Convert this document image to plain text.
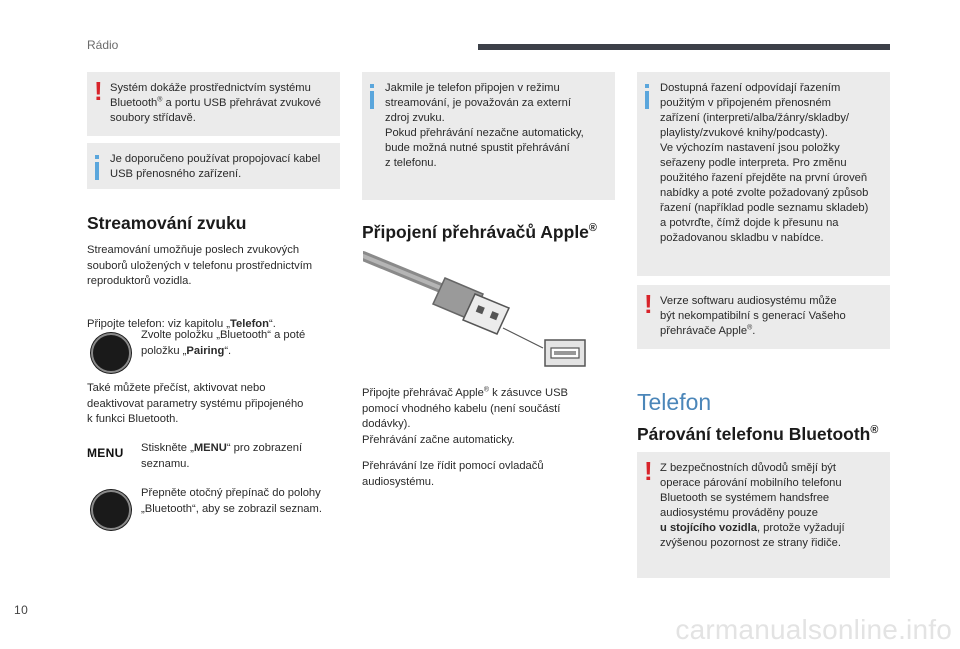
Rádio
! Systém dokáže prostřednictvím systému
Bluetooth® a portu USB přehrávat zvukové
soubory střídavě.

Je doporučeno používat propojovací kabel
USB přenosného zařízení.

Streamování zvuku
Streamování umožňuje poslech zvukových
souborů uložených v telefonu prostřednictvím
reproduktorů vozidla.

Připojte telefon: viz kapitolu „Telefon“.

Zvolte položku „Bluetooth“ a poté
položku „Pairing“.
Také můžete přečíst, aktivovat nebo
deaktivovat parametry systému připojeného
k funkci Bluetooth.
MENU Stiskněte „MENU“ pro zobrazení
seznamu.
Přepněte otočný přepínač do polohy
„Bluetooth“, aby se zobrazil seznam.

Jakmile je telefon připojen v režimu
streamování, je považován za externí
zdroj zvuku.
Pokud přehrávání nezačne automaticky,
bude možná nutné spustit přehrávání
z telefonu.

Připojení přehrávačů Apple®
Připojte přehrávač Apple® k zásuvce USB
pomocí vhodného kabelu (není součástí
dodávky).
Přehrávání začne automaticky.
Přehrávání lze řídit pomocí ovladačů
audiosystému.

Dostupná řazení odpovídají řazením
použitým v připojeném přenosném
zařízení (interpreti/alba/žánry/skladby/
playlisty/zvukové knihy/podcasty).
Ve výchozím nastavení jsou položky
seřazeny podle interpreta. Pro změnu
použitého řazení přejděte na první úroveň
nabídky a poté zvolte požadovaný způsob
řazení (například podle seznamu skladeb)
a potvrďte, čímž dojde k přesunu na
požadovanou skladbu v nabídce.

! Verze softwaru audiosystému může
být nekompatibilní s generací Vašeho
přehrávače Apple®.

Telefon
Párování telefonu Bluetooth®
! Z bezpečnostních důvodů smějí být
operace párování mobilního telefonu
Bluetooth se systémem handsfree
audiosystému prováděny pouze
u stojícího vozidla, protože vyžadují
zvýšenou pozornost ze strany řidiče.

10
carmanualsonline.info
